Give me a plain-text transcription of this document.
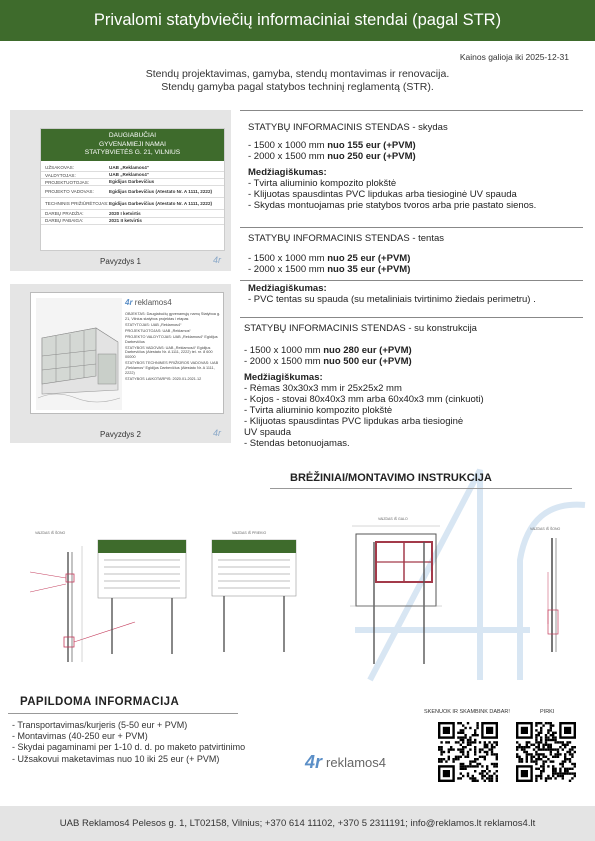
Privalomi statybviečių informaciniai stendai (pagal STR)
Kainos galioja iki 2025-12-31
Stendų projektavimas, gamyba, stendų montavimas ir renovacija.
Stendų gamyba pagal statybos techninį reglamentą (STR).
DAUGIABUČIAI
GYVENAMIEJI NAMAI
STATYBVIETĖS G. 21, VILNIUS
UŽSAKOVAS:	UAB „Reklamos4“
VALDYTOJAS:	UAB „Reklamos4“
PROJEKTUOTOJAS:	Egidijus Darbevičius
PROJEKTO VADOVAS:	Egidijus Darbevičius (Atestato Nr. A 1111, 2222)
TECHNINIS PRIŽIŪRĖTOJAS: Egidijus Darbevičius (Atestato Nr. A 1111, 2222)
DARBŲ PRADŽIA:	2020 I ketvirtis
DARBŲ PABAIGA:	2021 II ketvirtis
Pavyzdys 1	4r
4r reklamos4
OBJEKTAS: Daugiabučių gyvenamųjų namų Statyboa g. 21, Vilnius statybos projektas i etapas
STATYTOJAS: UAB „Reklamos4“
PROJEKTUOTOJAS: UAB „Reklamos“
PROJEKTO VALDYTOJAS: UAB „Reklamos4“ Egidijus Darbevičius
STATYBOS VADOVAS: UAB „Reklamos4“ Egidijus Darbevičius (Atestato Nr. A 1111, 2222) tel. nr. 8 600 00000
STATYBOS TECHNINES PRIŽIŪROS VADOVAS: UAB „Reklamos“ Egidijus Darbevičius (Atestato Nr. A 1111, 2222)
STATYBOS LAIKOTARPIS: 2020.01-2021.12
Pavyzdys 2	4r
STATYBŲ INFORMACINIS STENDAS - skydas
- 1500 x 1000 mm nuo 155 eur (+PVM)
- 2000 x 1500 mm nuo 250 eur (+PVM)
Medžiagiškumas:
- Tvirta aliuminio kompozito plokštė
- Klijuotas spausdintas PVC lipdukas arba tiesioginė UV spauda
- Skydas montuojamas prie statybos tvoros arba prie pastato sienos.
STATYBŲ INFORMACINIS STENDAS - tentas
- 1500 x 1000 mm nuo 25 eur (+PVM)
- 2000 x 1500 mm nuo 35 eur (+PVM)
Medžiagiškumas:
- PVC tentas su spauda (su metaliniais tvirtinimo žiedais perimetru) .
STATYBŲ INFORMACINIS STENDAS - su konstrukcija
- 1500 x 1000 mm nuo 280 eur (+PVM)
- 2000 x 1500 mm nuo 500 eur (+PVM)
Medžiagiškumas:
- Rėmas 30x30x3 mm ir 25x25x2 mm
- Kojos - stovai 80x40x3 mm arba 60x40x3 mm (cinkuoti)
- Tvirta aliuminio kompozito plokštė
- Klijuotas spausdintas PVC lipdukas arba tiesioginė
UV spauda
- Stendas betonuojamas.
BRĖŽINIAI/MONTAVIMO INSTRUKCIJA
VAIZDAS IŠ ŠONO	VAIZDAS IŠ PRIEKIO
VAIZDAS IŠ GALO
VAIZDAS IŠ ŠONO
PAPILDOMA INFORMACIJA
- Transportavimas/kurjeris (5-50 eur + PVM)
- Montavimas (40-250 eur + PVM)
- Skydai pagaminami per 1-10 d. d. po maketo patvirtinimo
- Užsakovui maketavimas nuo 10 iki 25 eur (+ PVM)	4r reklamos4
SKENUOK IR SKAMBINK DABAR!	PIRKI
UAB Reklamos4 Pelesos g. 1, LT02158, Vilnius; +370 614 11102, +370 5 2311191; info@reklamos.lt reklamos4.lt
